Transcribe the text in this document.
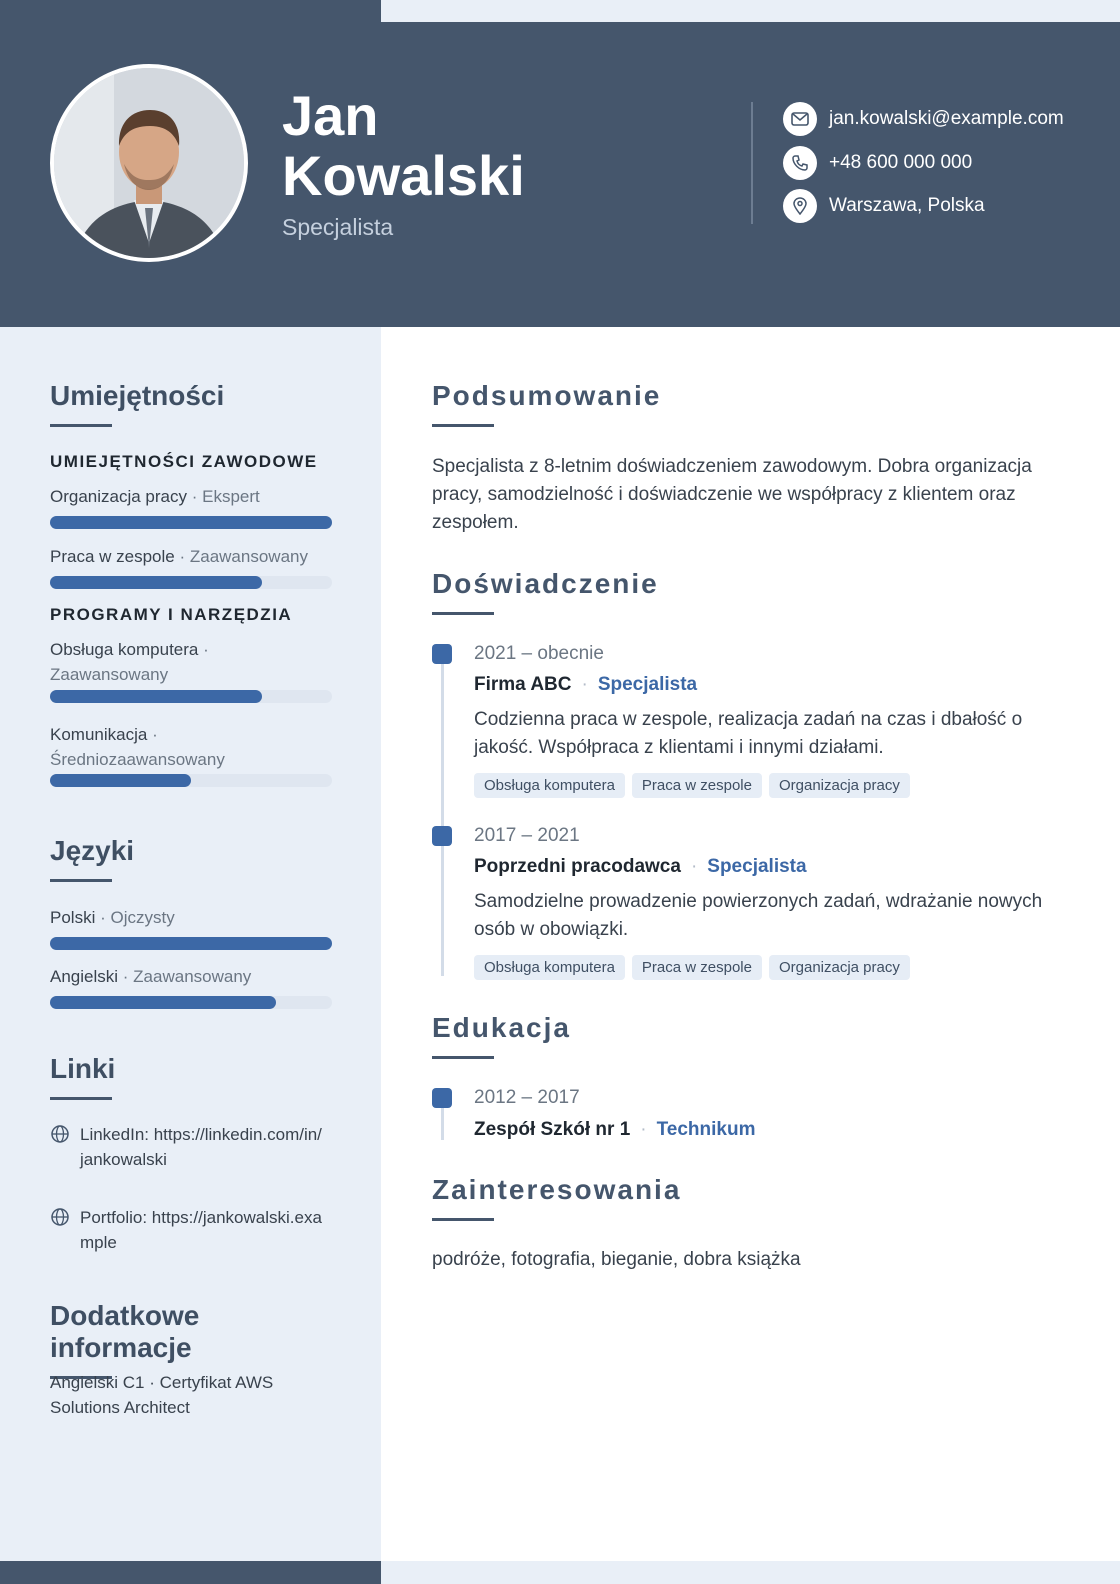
Jan
Kowalski
Specjalista
jan.kowalski@example.com
+48 600 000 000
Warszawa, Polska
Umiejętności
UMIEJĘTNOŚCI ZAWODOWE
Organizacja pracy · Ekspert
Praca w zespole · Zaawansowany
PROGRAMY I NARZĘDZIA
Obsługa komputera · Zaawansowany
Komunikacja · Średniozaawansowany
Języki
Polski · Ojczysty
Angielski · Zaawansowany
Linki
LinkedIn: https://linkedin.com/in/jankowalski
Portfolio: https://jankowalski.example
Dodatkowe informacje
Angielski C1 · Certyfikat AWS Solutions Architect
Podsumowanie
Specjalista z 8-letnim doświadczeniem zawodowym. Dobra organizacja pracy, samodzielność i doświadczenie we współpracy z klientem oraz zespołem.
Doświadczenie
2021 – obecnie
Firma ABC · Specjalista
Codzienna praca w zespole, realizacja zadań na czas i dbałość o jakość. Współpraca z klientami i innymi działami.
Obsługa komputera	Praca w zespole	Organizacja pracy
2017 – 2021
Poprzedni pracodawca · Specjalista
Samodzielne prowadzenie powierzonych zadań, wdrażanie nowych osób w obowiązki.
Obsługa komputera	Praca w zespole	Organizacja pracy
Edukacja
2012 – 2017
Zespół Szkół nr 1 · Technikum
Zainteresowania
podróże, fotografia, bieganie, dobra książka
